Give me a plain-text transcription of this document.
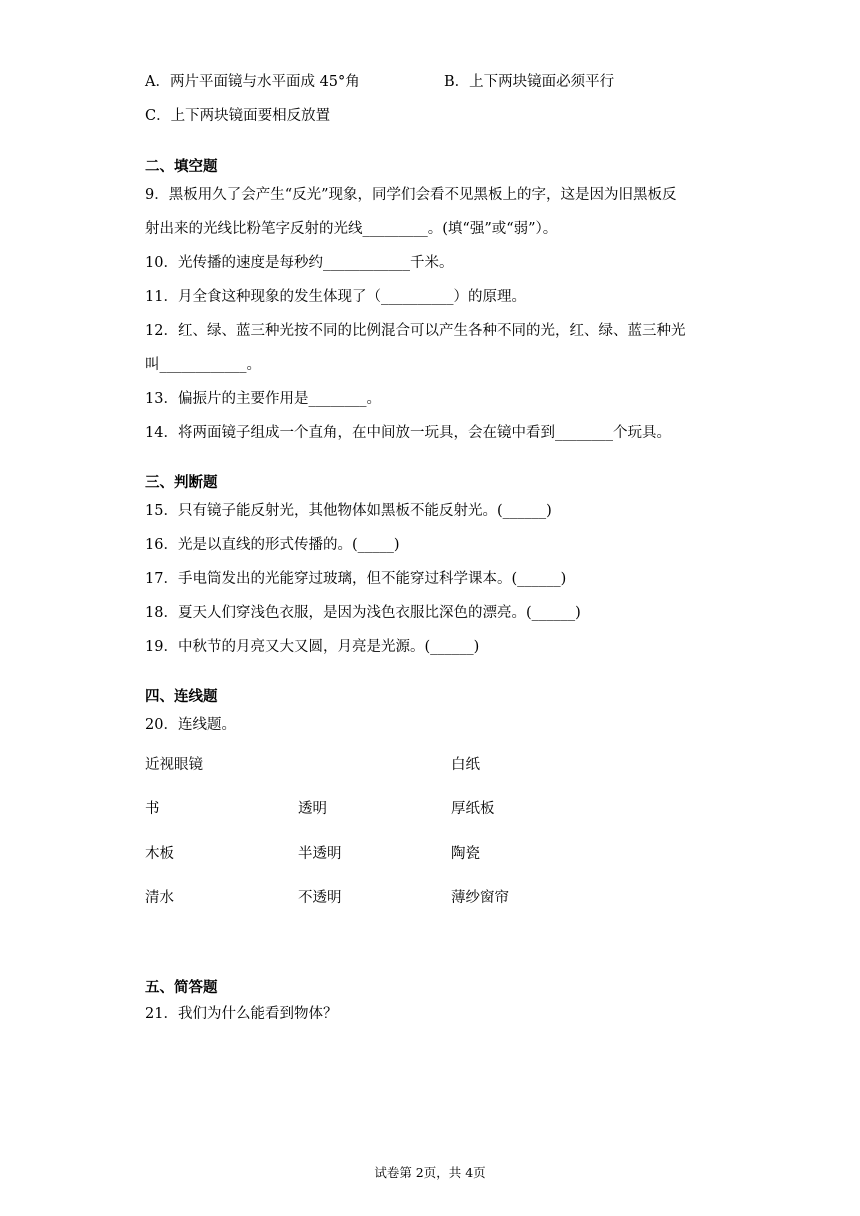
A．两片平面镜与水平面成 45°角	B．上下两块镜面必须平行
C．上下两块镜面要相反放置
二、填空题
9．黑板用久了会产生“反光”现象，同学们会看不见黑板上的字，这是因为旧黑板反
射出来的光线比粉笔字反射的光线_________。(填“强”或“弱”）。
10．光传播的速度是每秒约____________千米。
11．月全食这种现象的发生体现了（__________）的原理。
12．红、绿、蓝三种光按不同的比例混合可以产生各种不同的光，红、绿、蓝三种光
叫____________。
13．偏振片的主要作用是________。
14．将两面镜子组成一个直角，在中间放一玩具，会在镜中看到________个玩具。
三、判断题
15．只有镜子能反射光，其他物体如黑板不能反射光。(______)
16．光是以直线的形式传播的。(_____)
17．手电筒发出的光能穿过玻璃，但不能穿过科学课本。(______)
18．夏天人们穿浅色衣服，是因为浅色衣服比深色的漂亮。(______)
19．中秋节的月亮又大又圆，月亮是光源。(______)
四、连线题
20．连线题。
近视眼镜
书
木板
清水
透明
半透明
不透明
白纸
厚纸板
陶瓷
薄纱窗帘
五、简答题
21．我们为什么能看到物体？
试卷第 2页，共 4页
